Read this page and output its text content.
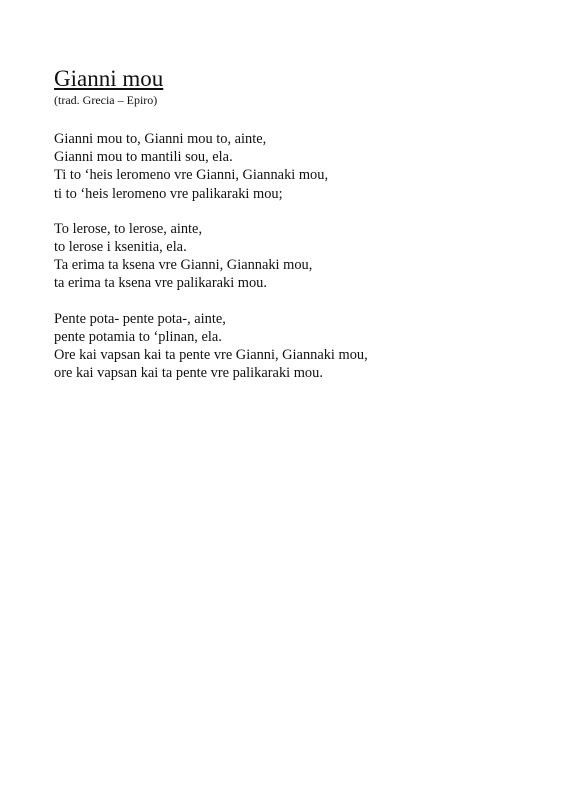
Gianni mou
(trad. Grecia – Epiro)
Gianni mou to, Gianni mou to, ainte,
Gianni mou to mantili sou, ela.
Ti to ‘heis leromeno vre Gianni, Giannaki mou,
ti to ‘heis leromeno vre palikaraki mou;
To lerose, to lerose, ainte,
to lerose i ksenitia, ela.
Ta erima ta ksena vre Gianni, Giannaki mou,
ta erima ta ksena vre palikaraki mou.
Pente pota- pente pota-, ainte,
pente potamia to ‘plinan, ela.
Ore kai vapsan kai ta pente vre Gianni, Giannaki mou,
ore kai vapsan kai ta pente vre palikaraki mou.
